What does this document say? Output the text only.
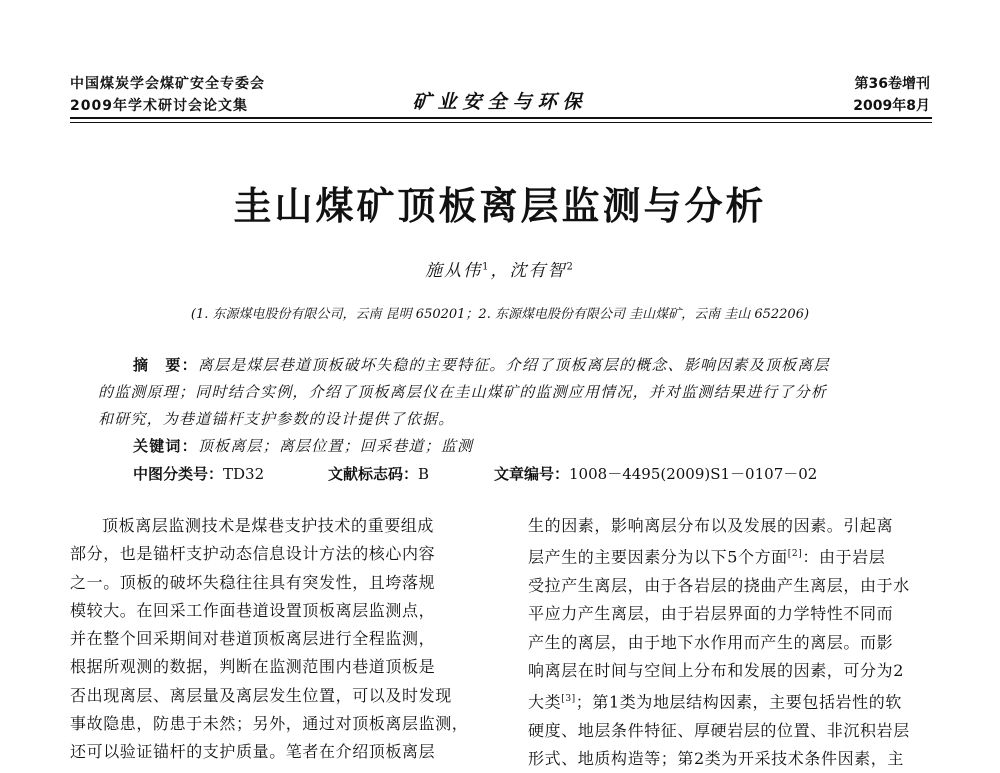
中国煤炭学会煤矿安全专委会
2009年学术研讨会论文集	矿业安全与环保
第36卷增刊
2009年8月
圭山煤矿顶板离层监测与分析
施从伟$^1$，沈有智$^2$
(1. 东源煤电股份有限公司，云南 昆明 650201；2. 东源煤电股份有限公司 圭山煤矿，云南 圭山 652206)
摘　要：离层是煤层巷道顶板破坏失稳的主要特征。介绍了顶板离层的概念、影响因素及顶板离层
的监测原理；同时结合实例，介绍了顶板离层仪在圭山煤矿的监测应用情况，并对监测结果进行了分析
和研究，为巷道锚杆支护参数的设计提供了依据。
关键词：顶板离层；离层位置；回采巷道；监测
中图分类号：TD32	文献标志码：B	文章编号：1008－4495(2009)S1－0107－02
顶板离层监测技术是煤巷支护技术的重要组成
部分，也是锚杆支护动态信息设计方法的核心内容
之一。顶板的破坏失稳往往具有突发性，且垮落规
模较大。在回采工作面巷道设置顶板离层监测点，
并在整个回采期间对巷道顶板离层进行全程监测，
根据所观测的数据，判断在监测范围内巷道顶板是
否出现离层、离层量及离层发生位置，可以及时发现
事故隐患，防患于未然；另外，通过对顶板离层监测，
还可以验证锚杆的支护质量。笔者在介绍顶板离层
生的因素，影响离层分布以及发展的因素。引起离
层产生的主要因素分为以下5个方面[2]：由于岩层
受拉产生离层，由于各岩层的挠曲产生离层，由于水
平应力产生离层，由于岩层界面的力学特性不同而
产生的离层，由于地下水作用而产生的离层。而影
响离层在时间与空间上分布和发展的因素，可分为2
大类[3]；第1类为地层结构因素，主要包括岩性的软
硬度、地层条件特征、厚硬岩层的位置、非沉积岩层
形式、地质构造等；第2类为开采技术条件因素，主
